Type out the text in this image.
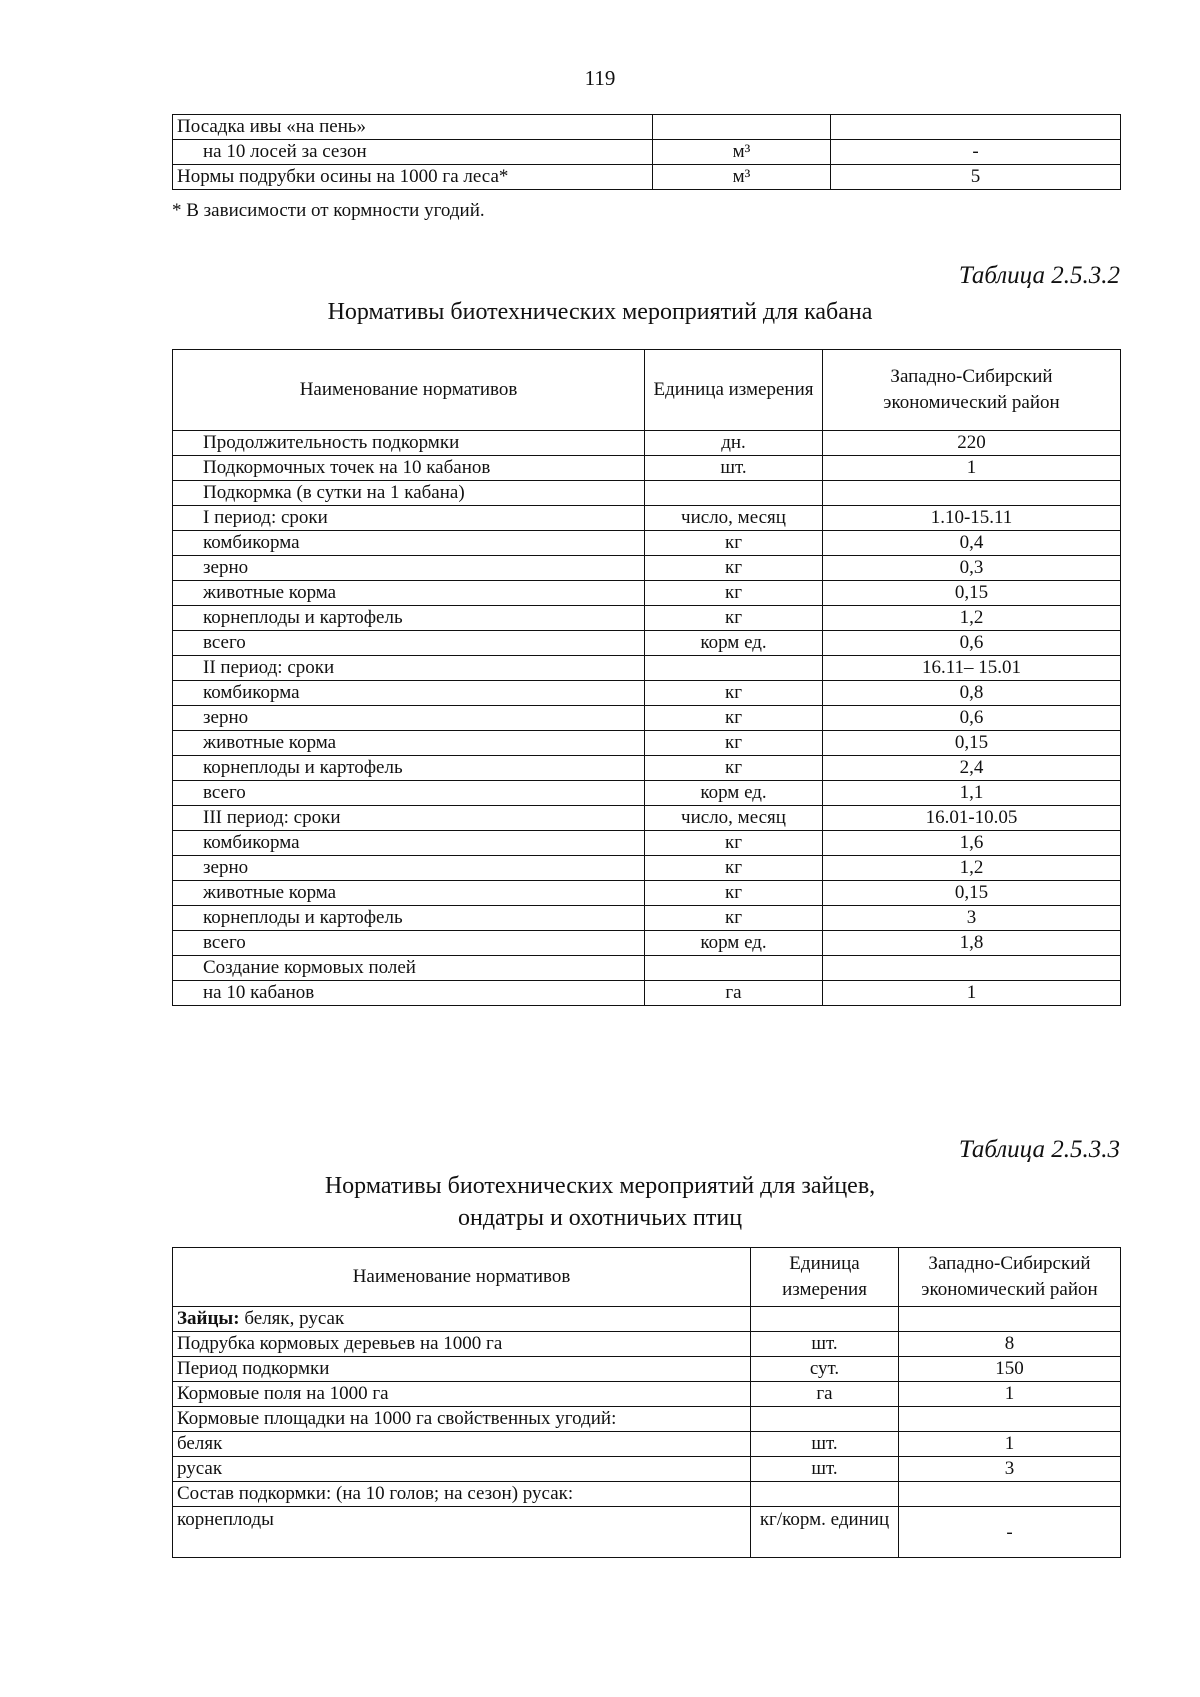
119
Посадка ивы «на пень»		
на 10 лосей за сезон	м³	-
Нормы подрубки осины на 1000 га леса*	м³	5
* В зависимости от кормности угодий.
Таблица 2.5.3.2
Нормативы биотехнических мероприятий для кабана
Наименование нормативов	Единица измерения	Западно-Сибирский экономический район
Продолжительность подкормки	дн.	220
Подкормочных точек на 10 кабанов	шт.	1
Подкормка (в сутки на 1 кабана)		
I период: сроки	число, месяц	1.10-15.11
комбикорма	кг	0,4
зерно	кг	0,3
животные корма	кг	0,15
корнеплоды и картофель	кг	1,2
всего	корм ед.	0,6
II период: сроки		16.11– 15.01
комбикорма	кг	0,8
зерно	кг	0,6
животные корма	кг	0,15
корнеплоды и картофель	кг	2,4
всего	корм ед.	1,1
III период: сроки	число, месяц	16.01-10.05
комбикорма	кг	1,6
зерно	кг	1,2
животные корма	кг	0,15
корнеплоды и картофель	кг	3
всего	корм ед.	1,8
Создание кормовых полей		
на 10 кабанов	га	1
Таблица 2.5.3.3
Нормативы биотехнических мероприятий для зайцев,
ондатры и охотничьих птиц
Наименование нормативов	Единица измерения	Западно-Сибирский экономический район
Зайцы: беляк, русак		
Подрубка кормовых деревьев на 1000 га	шт.	8
Период подкормки	сут.	150
Кормовые поля на 1000 га	га	1
Кормовые площадки на 1000 га свойственных угодий:		
беляк	шт.	1
русак	шт.	3
Состав подкормки: (на 10 голов; на сезон) русак:		
корнеплоды	кг/корм. единиц	-
